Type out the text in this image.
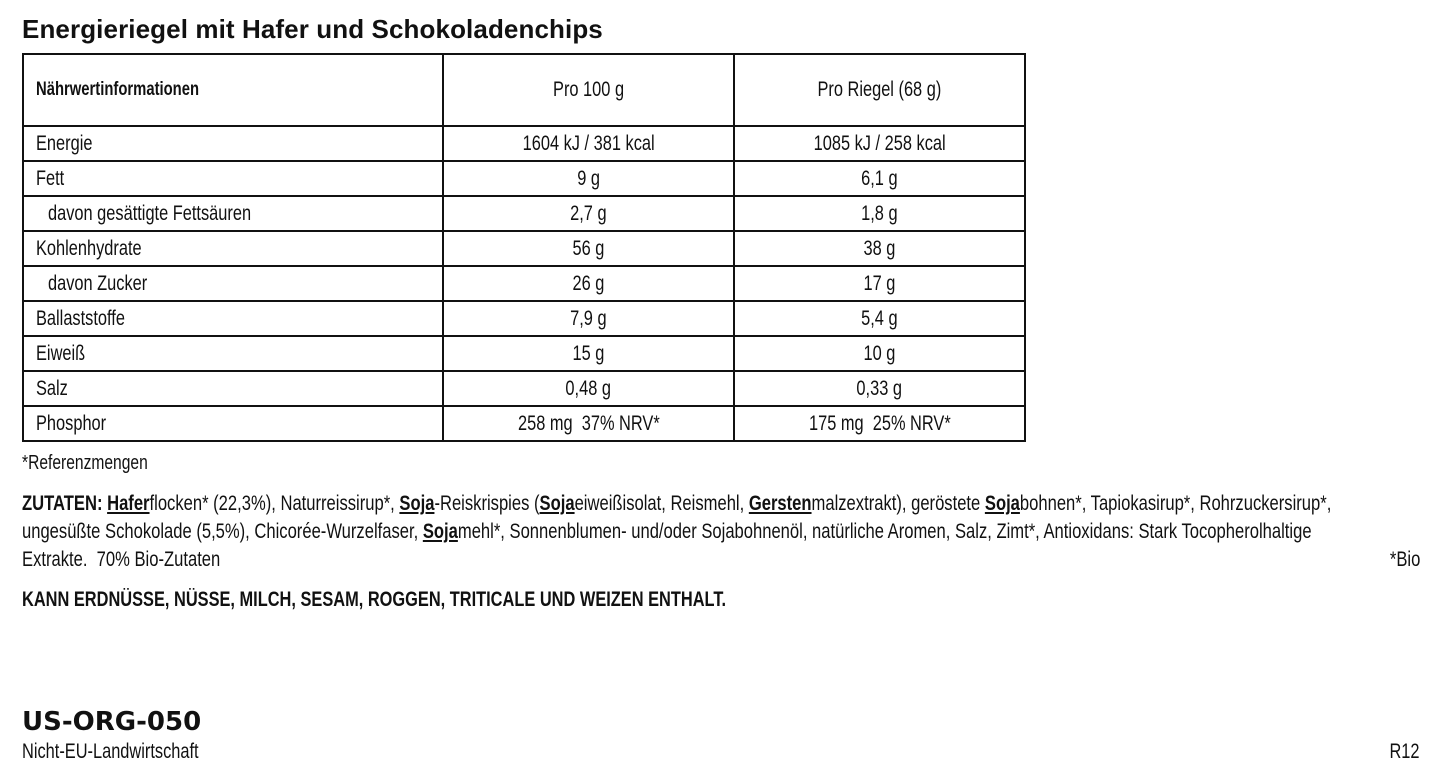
Energieriegel mit Hafer und Schokoladenchips
Nährwertinformationen	Pro 100 g	Pro Riegel (68 g)
Energie	1604 kJ / 381 kcal	1085 kJ / 258 kcal
Fett	9 g	6,1 g
davon gesättigte Fettsäuren	2,7 g	1,8 g
Kohlenhydrate	56 g	38 g
davon Zucker	26 g	17 g
Ballaststoffe	7,9 g	5,4 g
Eiweiß	15 g	10 g
Salz	0,48 g	0,33 g
Phosphor	258 mg  37% NRV*	175 mg  25% NRV*
*Referenzmengen
ZUTATEN: Haferflocken* (22,3%), Naturreissirup*, Soja-Reiskrispies (Sojaeiweißisolat, Reismehl, Gerstenmalzextrakt), geröstete Sojabohnen*, Tapiokasirup*, Rohrzuckersirup*,
ungesüßte Schokolade (5,5%), Chicorée-Wurzelfaser, Sojamehl*, Sonnenblumen- und/oder Sojabohnenöl, natürliche Aromen, Salz, Zimt*, Antioxidans: Stark Tocopherolhaltige
Extrakte.  70% Bio-Zutaten	*Bio
KANN ERDNÜSSE, NÜSSE, MILCH, SESAM, ROGGEN, TRITICALE UND WEIZEN ENTHALT.
US-ORG-050
Nicht-EU-Landwirtschaft	R12
